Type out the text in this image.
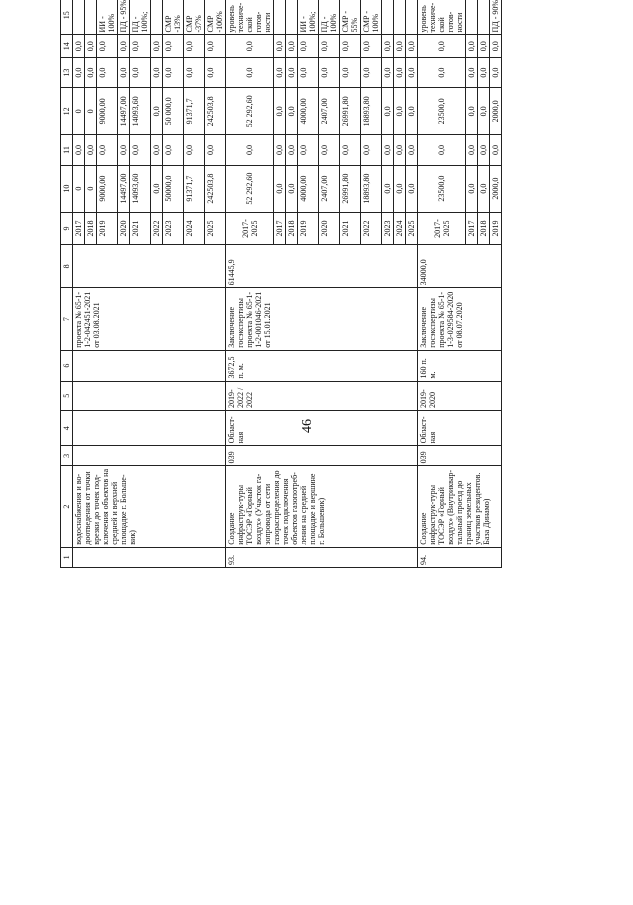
46
1	2	3	4	5	6	7	8	9	10	11	12	13	14	15
	водоснабжения и во-доотведения от точки врезки до точек под-ключения объектов на средней и верхней площадке г. Больше-вик)					проекта № 65-1-1-2-042451-2021 от 03.08.2021		2017	0	0,0	0	0,0	0,0	
								2018	0	0,0	0	0,0	0,0	
								2019	9000,00	0,0	9000,00	0,0	0,0	ИИ - 100%
								2020	14497,00	0,0	14497,00	0,0	0,0	ПД - 95%
								2021	14093,60	0,0	14093,60	0,0	0,0	ПД - 100%;
								2022	0,0	0,0	0,0	0,0	0,0	
								2023	50000,0	0,0	50 000,0	0,0	0,0	СМР -13%
								2024	91371,7	0,0	91371,7	0,0	0,0	СМР -37%
								2025	242503,8	0,0	242503,8	0,0	0,0	СМР -100%
93.	Создание инфраструк-туры ТОСЭР «Горный воздух» (Участок га-зопровода от сети газораспределения до точек подключения объектов газопотреб-ления на средней площадке и вершине г. Большевик)	039	Област-ная	2019-2022 / 2022	3672,5 п. м.	Заключение госэкспертизы проекта № 65-1-1-2-001046-2021 от 15.01.2021	61445,9	2017-2025	52 292,60	0,0	52 292,60	0,0	0,0	уровень техниче-ской готов-ности
								2017	0,0	0,0	0,0	0,0	0,0	
								2018	0,0	0,0	0,0	0,0	0,0	
								2019	4000,00	0,0	4000,00	0,0	0,0	ИИ - 100%;
								2020	2407,00	0,0	2407,00	0,0	0,0	ПД - 100%
								2021	26991,80	0,0	26991,80	0,0	0,0	СМР - 55%
								2022	18893,80	0,0	18893,80	0,0	0,0	СМР - 100%
								2023	0,0	0,0	0,0	0,0	0,0	
								2024	0,0	0,0	0,0	0,0	0,0	
								2025	0,0	0,0	0,0	0,0	0,0	
94.	Создание инфраструк-туры ТОСЭР «Горный воздух» (Внутриквар-тальный проезд до границ земельных участков резидентов. База Динамо)	039	Област-ная	2019-2020	160 п. м.	Заключение госэкспертизы проекта № 65-1-1-3-029584-2020 от 08.07.2020	34000,0	2017-2025	23500,0	0,0	23500,0	0,0	0,0	уровень техниче-ской готов-ности
								2017	0,0	0,0	0,0	0,0	0,0	
								2018	0,0	0,0	0,0	0,0	0,0	
								2019	2000,0	0,0	2000,0	0,0	0,0	ПД - 90%
